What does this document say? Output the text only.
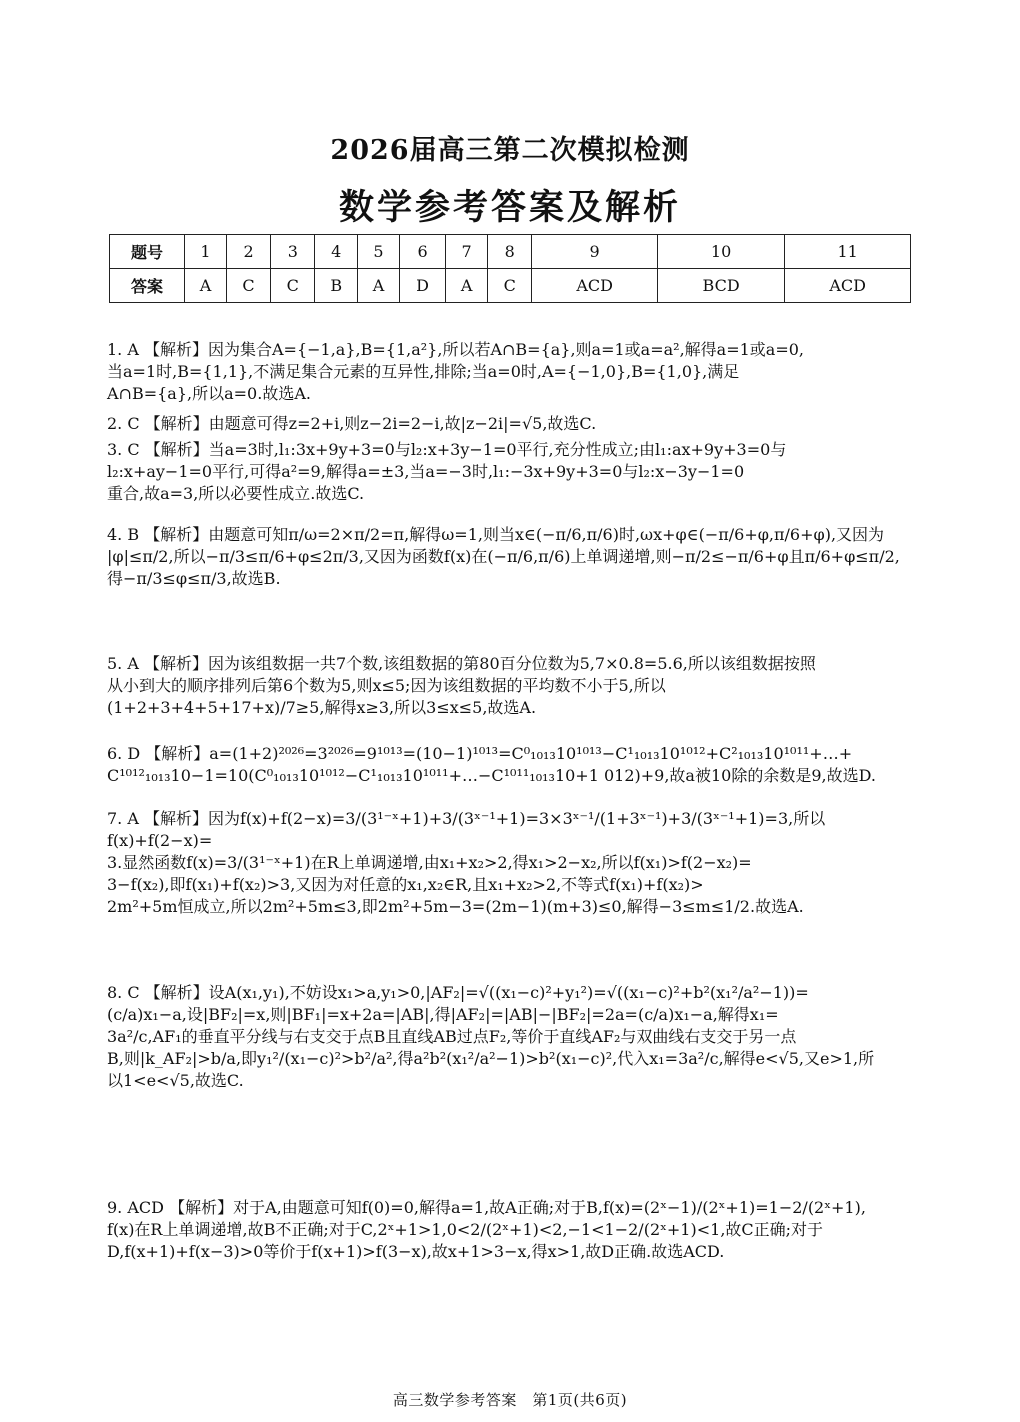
2026届高三第二次模拟检测
数学参考答案及解析
题号	1	2	3	4	5	6	7	8	9	10	11
答案	A	C	C	B	A	D	A	C	ACD	BCD	ACD
1. A 【解析】因为集合A={−1,a},B={1,a²},所以若A∩B={a},则a=1或a=a²,解得a=1或a=0,
当a=1时,B={1,1},不满足集合元素的互异性,排除;当a=0时,A={−1,0},B={1,0},满足
A∩B={a},所以a=0.故选A.
2. C 【解析】由题意可得z=2+i,则z−2i=2−i,故|z−2i|=√5,故选C.
3. C 【解析】当a=3时,l₁:3x+9y+3=0与l₂:x+3y−1=0平行,充分性成立;由l₁:ax+9y+3=0与
l₂:x+ay−1=0平行,可得a²=9,解得a=±3,当a=−3时,l₁:−3x+9y+3=0与l₂:x−3y−1=0
重合,故a=3,所以必要性成立.故选C.
4. B 【解析】由题意可知π/ω=2×π/2=π,解得ω=1,则当x∈(−π/6,π/6)时,ωx+φ∈(−π/6+φ,π/6+φ),又因为
|φ|≤π/2,所以−π/3≤π/6+φ≤2π/3,又因为函数f(x)在(−π/6,π/6)上单调递增,则−π/2≤−π/6+φ且π/6+φ≤π/2,
得−π/3≤φ≤π/3,故选B.
5. A 【解析】因为该组数据一共7个数,该组数据的第80百分位数为5,7×0.8=5.6,所以该组数据按照
从小到大的顺序排列后第6个数为5,则x≤5;因为该组数据的平均数不小于5,所以
(1+2+3+4+5+17+x)/7≥5,解得x≥3,所以3≤x≤5,故选A.
6. D 【解析】a=(1+2)²⁰²⁶=3²⁰²⁶=9¹⁰¹³=(10−1)¹⁰¹³=C⁰₁₀₁₃10¹⁰¹³−C¹₁₀₁₃10¹⁰¹²+C²₁₀₁₃10¹⁰¹¹+…+
C¹⁰¹²₁₀₁₃10−1=10(C⁰₁₀₁₃10¹⁰¹²−C¹₁₀₁₃10¹⁰¹¹+…−C¹⁰¹¹₁₀₁₃10+1 012)+9,故a被10除的余数是9,故选D.
7. A 【解析】因为f(x)+f(2−x)=3/(3¹⁻ˣ+1)+3/(3ˣ⁻¹+1)=3×3ˣ⁻¹/(1+3ˣ⁻¹)+3/(3ˣ⁻¹+1)=3,所以f(x)+f(2−x)=
3.显然函数f(x)=3/(3¹⁻ˣ+1)在R上单调递增,由x₁+x₂>2,得x₁>2−x₂,所以f(x₁)>f(2−x₂)=
3−f(x₂),即f(x₁)+f(x₂)>3,又因为对任意的x₁,x₂∈R,且x₁+x₂>2,不等式f(x₁)+f(x₂)>
2m²+5m恒成立,所以2m²+5m≤3,即2m²+5m−3=(2m−1)(m+3)≤0,解得−3≤m≤1/2.故选A.
8. C 【解析】设A(x₁,y₁),不妨设x₁>a,y₁>0,|AF₂|=√((x₁−c)²+y₁²)=√((x₁−c)²+b²(x₁²/a²−1))=
(c/a)x₁−a,设|BF₂|=x,则|BF₁|=x+2a=|AB|,得|AF₂|=|AB|−|BF₂|=2a=(c/a)x₁−a,解得x₁=
3a²/c,AF₁的垂直平分线与右支交于点B且直线AB过点F₂,等价于直线AF₂与双曲线右支交于另一点
B,则|k_AF₂|>b/a,即y₁²/(x₁−c)²>b²/a²,得a²b²(x₁²/a²−1)>b²(x₁−c)²,代入x₁=3a²/c,解得e<√5,又e>1,所
以1<e<√5,故选C.
9. ACD 【解析】对于A,由题意可知f(0)=0,解得a=1,故A正确;对于B,f(x)=(2ˣ−1)/(2ˣ+1)=1−2/(2ˣ+1),
f(x)在R上单调递增,故B不正确;对于C,2ˣ+1>1,0<2/(2ˣ+1)<2,−1<1−2/(2ˣ+1)<1,故C正确;对于
D,f(x+1)+f(x−3)>0等价于f(x+1)>f(3−x),故x+1>3−x,得x>1,故D正确.故选ACD.
高三数学参考答案　第1页(共6页)
